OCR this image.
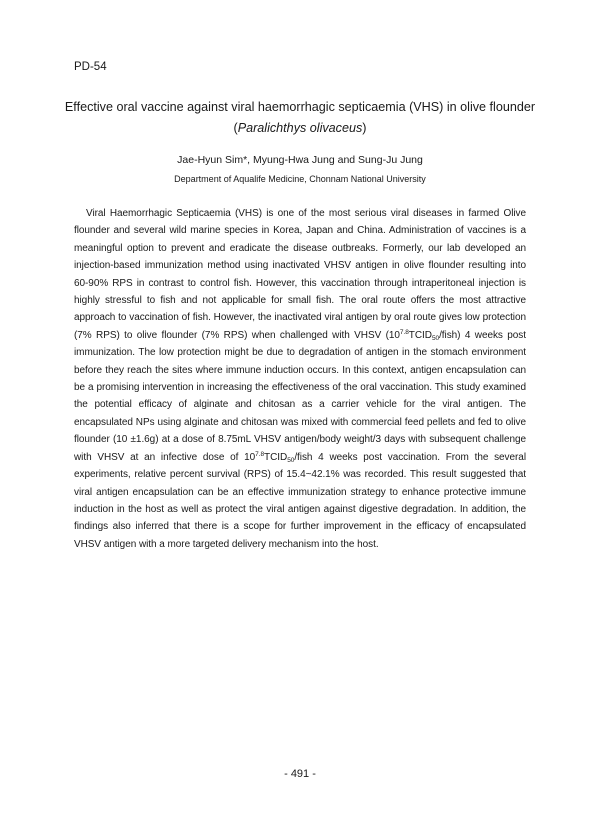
PD-54
Effective oral vaccine against viral haemorrhagic septicaemia (VHS) in olive flounder
(Paralichthys olivaceus)
Jae-Hyun Sim*, Myung-Hwa Jung and Sung-Ju Jung
Department of Aqualife Medicine, Chonnam National University

Viral Haemorrhagic Septicaemia (VHS) is one of the most serious viral diseases in farmed Olive flounder and several wild marine species in Korea, Japan and China. Administration of vaccines is a meaningful option to prevent and eradicate the disease outbreaks. Formerly, our lab developed an injection-based immunization method using inactivated VHSV antigen in olive flounder resulting into 60-90% RPS in contrast to control fish. However, this vaccination through intraperitoneal injection is highly stressful to fish and not applicable for small fish. The oral route offers the most attractive approach to vaccination of fish. However, the inactivated viral antigen by oral route gives low protection (7% RPS) to olive flounder (7% RPS) when challenged with VHSV $(10^{7.8}TCID_{50}/fish)$ 4 weeks post immunization. The low protection might be due to degradation of antigen in the stomach environment before they reach the sites where immune induction occurs. In this context, antigen encapsulation can be a promising intervention in increasing the effectiveness of the oral vaccination. This study examined the potential efficacy of alginate and chitosan as a carrier vehicle for the viral antigen. The encapsulated NPs using alginate and chitosan was mixed with commercial feed pellets and fed to olive flounder (10 ±1.6g) at a dose of 8.75mL VHSV antigen/body weight/3 days with subsequent challenge with VHSV at an infective dose of $10^{7.8}TCID_{50}$/fish 4 weeks post vaccination. From the several experiments, relative percent survival (RPS) of 15.4~42.1% was recorded. This result suggested that viral antigen encapsulation can be an effective immunization strategy to enhance protective immune induction in the host as well as protect the viral antigen against digestive degradation. In addition, the findings also inferred that there is a scope for further improvement in the efficacy of encapsulated VHSV antigen with a more targeted delivery mechanism into the host.

- 491 -
